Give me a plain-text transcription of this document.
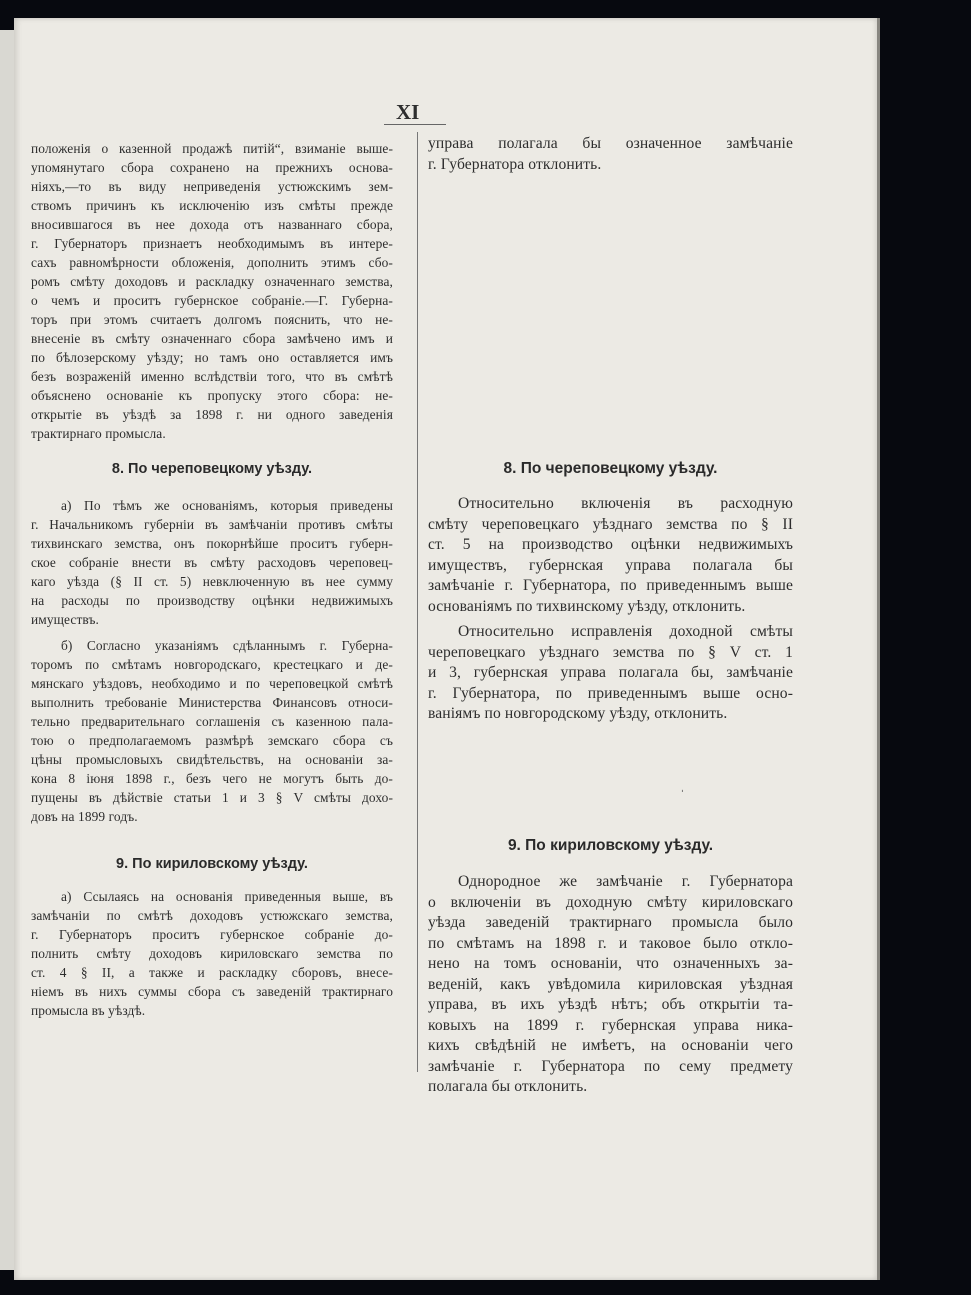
XI
положенія о казенной продажѣ питій“, взиманіе выше-
упомянутаго сбора сохранено на прежнихъ основа-
ніяхъ,—то въ виду неприведенія устюжскимъ зем-
ствомъ причинъ къ исключенію изъ смѣты прежде
вносившагося въ нее дохода отъ названнаго сбора,
г. Губернаторъ признаетъ необходимымъ въ интере-
сахъ равномѣрности обложенія, дополнить этимъ сбо-
ромъ смѣту доходовъ и раскладку означеннаго земства,
о чемъ и проситъ губернское собраніе.—Г. Губерна-
торъ при этомъ считаетъ долгомъ пояснить, что не-
внесеніе въ смѣту означеннаго сбора замѣчено имъ и
по бѣлозерскому уѣзду; но тамъ оно оставляется имъ
безъ возраженій именно вслѣдствіи того, что въ смѣтѣ
объяснено основаніе къ пропуску этого сбора: не-
открытіе въ уѣздѣ за 1898 г. ни одного заведенія
трактирнаго промысла.
8. По череповецкому уѣзду.
а) По тѣмъ же основаніямъ, которыя приведены
г. Начальникомъ губерніи въ замѣчаніи противъ смѣты
тихвинскаго земства, онъ покорнѣйше проситъ губерн-
ское собраніе внести въ смѣту расходовъ череповец-
каго уѣзда (§ II ст. 5) невключенную въ нее сумму
на расходы по производству оцѣнки недвижимыхъ
имуществъ.
б) Согласно указаніямъ сдѣланнымъ г. Губерна-
торомъ по смѣтамъ новгородскаго, крестецкаго и де-
мянскаго уѣздовъ, необходимо и по череповецкой смѣтѣ
выполнить требованіе Министерства Финансовъ относи-
тельно предварительнаго соглашенія съ казенною пала-
тою о предполагаемомъ размѣрѣ земскаго сбора съ
цѣны промысловыхъ свидѣтельствъ, на основаніи за-
кона 8 іюня 1898 г., безъ чего не могутъ быть до-
пущены въ дѣйствіе статьи 1 и 3 § V смѣты дохо-
довъ на 1899 годъ.
9. По кириловскому уѣзду.
а) Ссылаясь на основанія приведенныя выше, въ
замѣчаніи по смѣтѣ доходовъ устюжскаго земства,
г. Губернаторъ проситъ губернское собраніе до-
полнить смѣту доходовъ кириловскаго земства по
ст. 4 § II, а также и раскладку сборовъ, внесе-
ніемъ въ нихъ суммы сбора съ заведеній трактирнаго
промысла въ уѣздѣ.
управа полагала бы означенное замѣчаніе
г. Губернатора отклонить.
8. По череповецкому уѣзду.
Относительно включенія въ расходную
смѣту череповецкаго уѣзднаго земства по § II
ст. 5 на производство оцѣнки недвижимыхъ
имуществъ, губернская управа полагала бы
замѣчаніе г. Губернатора, по приведеннымъ выше
основаніямъ по тихвинскому уѣзду, отклонить.
Относительно исправленія доходной смѣты
череповецкаго уѣзднаго земства по § V ст. 1
и 3, губернская управа полагала бы, замѣчаніе
г. Губернатора, по приведеннымъ выше осно-
ваніямъ по новгородскому уѣзду, отклонить.
ˌ
9. По кириловскому уѣзду.
Однородное же замѣчаніе г. Губернатора
о включеніи въ доходную смѣту кириловскаго
уѣзда заведеній трактирнаго промысла было
по смѣтамъ на 1898 г. и таковое было откло-
нено на томъ основаніи, что означенныхъ за-
веденій, какъ увѣдомила кириловская уѣздная
управа, въ ихъ уѣздѣ нѣтъ; объ открытіи та-
ковыхъ на 1899 г. губернская управа ника-
кихъ свѣдѣній не имѣетъ, на основаніи чего
замѣчаніе г. Губернатора по сему предмету
полагала бы отклонить.
